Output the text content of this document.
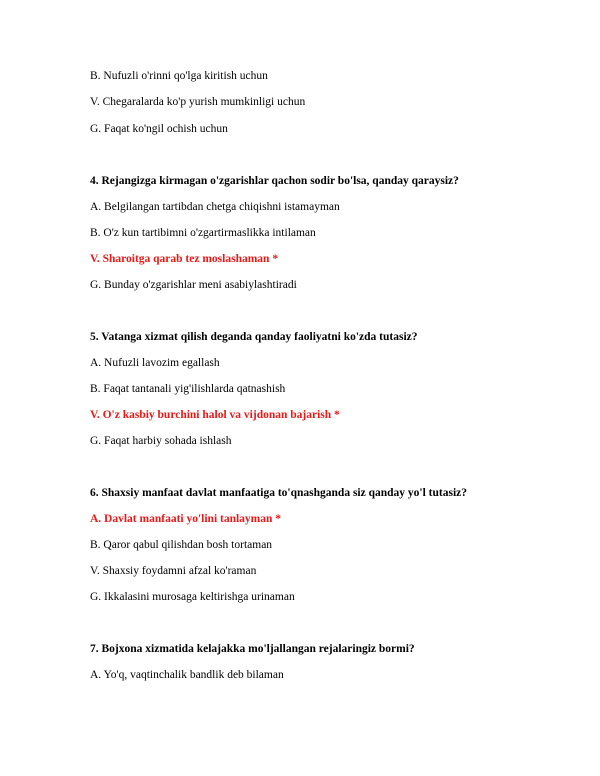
B. Nufuzli o'rinni qo'lga kiritish uchun
V. Chegaralarda ko'p yurish mumkinligi uchun
G. Faqat ko'ngil ochish uchun
4. Rejangizga kirmagan o'zgarishlar qachon sodir bo'lsa, qanday qaraysiz?
A. Belgilangan tartibdan chetga chiqishni istamayman
B. O'z kun tartibimni o'zgartirmaslikka intilaman
V. Sharoitga qarab tez moslashaman *
G. Bunday o'zgarishlar meni asabiylashtiradi
5. Vatanga xizmat qilish deganda qanday faoliyatni ko'zda tutasiz?
A. Nufuzli lavozim egallash
B. Faqat tantanali yig'ilishlarda qatnashish
V. O'z kasbiy burchini halol va vijdonan bajarish *
G. Faqat harbiy sohada ishlash
6. Shaxsiy manfaat davlat manfaatiga to'qnashganda siz qanday yo'l tutasiz?
A. Davlat manfaati yo'lini tanlayman *
B. Qaror qabul qilishdan bosh tortaman
V. Shaxsiy foydamni afzal ko'raman
G. Ikkalasini murosaga keltirishga urinaman
7. Bojxona xizmatida kelajakka mo'ljallangan rejalaringiz bormi?
A. Yo'q, vaqtinchalik bandlik deb bilaman
